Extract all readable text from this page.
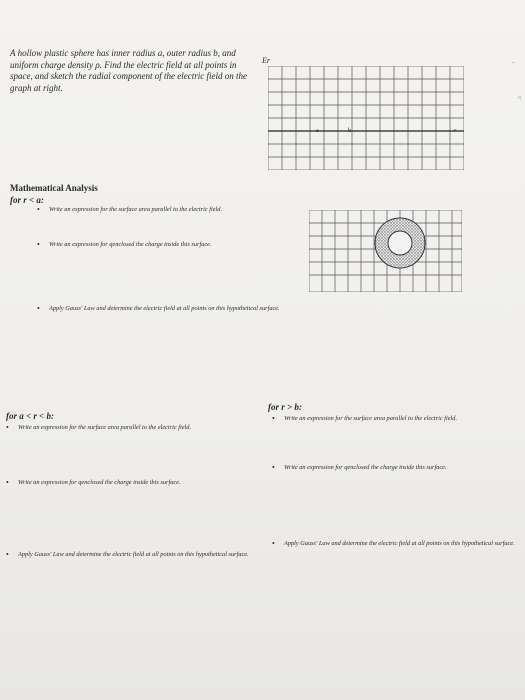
A hollow plastic sphere has inner radius a, outer radius b, and uniform charge density ρ. Find the electric field at all points in space, and sketch the radial component of the electric field on the graph at right.
Er
a	b	r
-
r(
Mathematical Analysis
for r < a:
•	Write an expression for the surface area parallel to the electric field.
•	Write an expression for qenclosed the charge inside this surface.
•	Apply Gauss' Law and determine the electric field at all points on this hypothetical surface.
for a < r < b:
for r > b:
•	Write an expression for the surface area parallel to the electric field.
•	Write an expression for qenclosed the charge inside this surface.
•	Apply Gauss' Law and determine the electric field at all points on this hypothetical surface.
•	Write an expression for the surface area parallel to the electric field.
•	Write an expression for qenclosed the charge inside this surface.
•	Apply Gauss' Law and determine the electric field at all points on this hypothetical surface.
